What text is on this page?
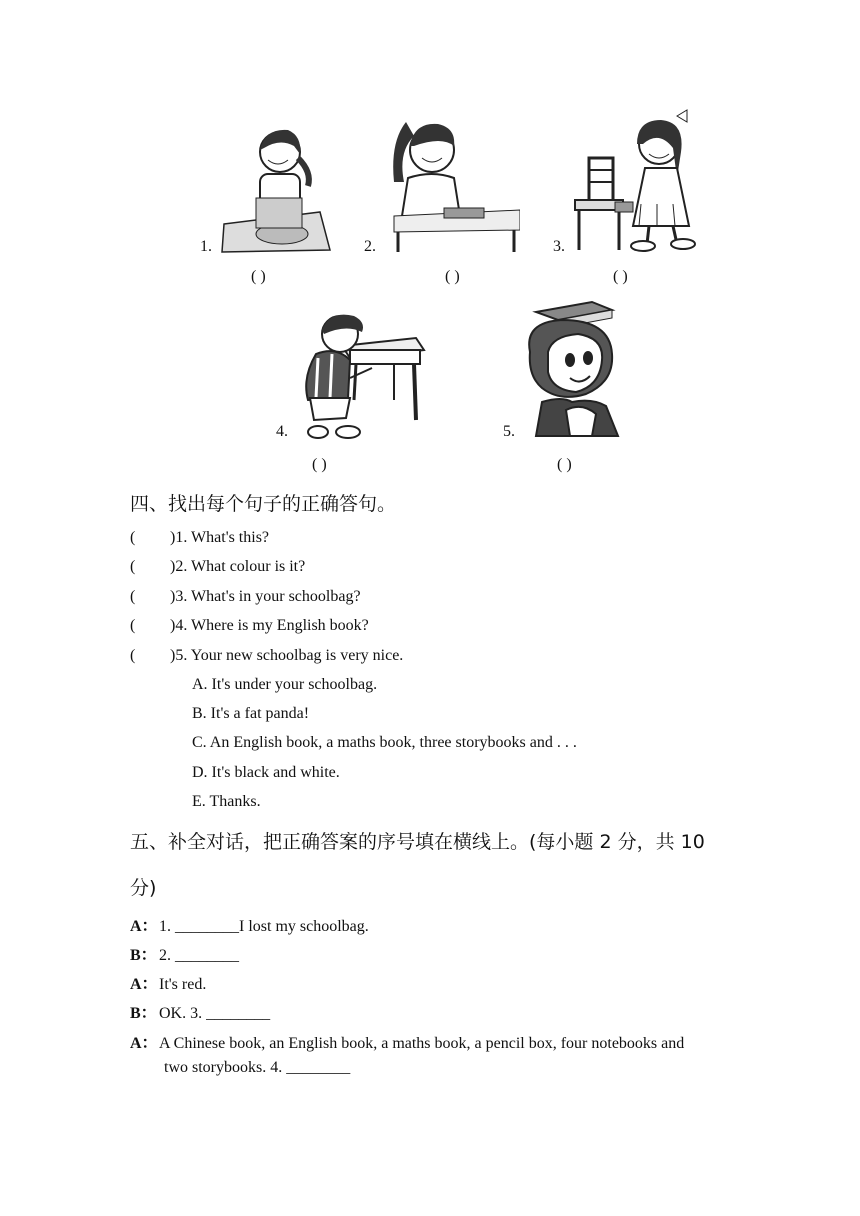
1.
( )
2.
( )
3.
( )
4.
( )
5.
( )
四、找出每个句子的正确答句。
( )1. What's this?
( )2. What colour is it?
( )3. What's in your schoolbag?
( )4. Where is my English book?
( )5. Your new schoolbag is very nice.
A. It's under your schoolbag.
B. It's a fat panda!
C. An English book, a maths book, three storybooks and . . .
D. It's black and white.
E. Thanks.
五、补全对话，把正确答案的序号填在横线上。(每小题 2 分，共 10
分)
A：1. ________I lost my schoolbag.
B： 2. ________
A：It's red.
B： OK. 3. ________
A：A Chinese book, an English book, a maths book, a pencil box, four notebooks and
two storybooks. 4. ________
